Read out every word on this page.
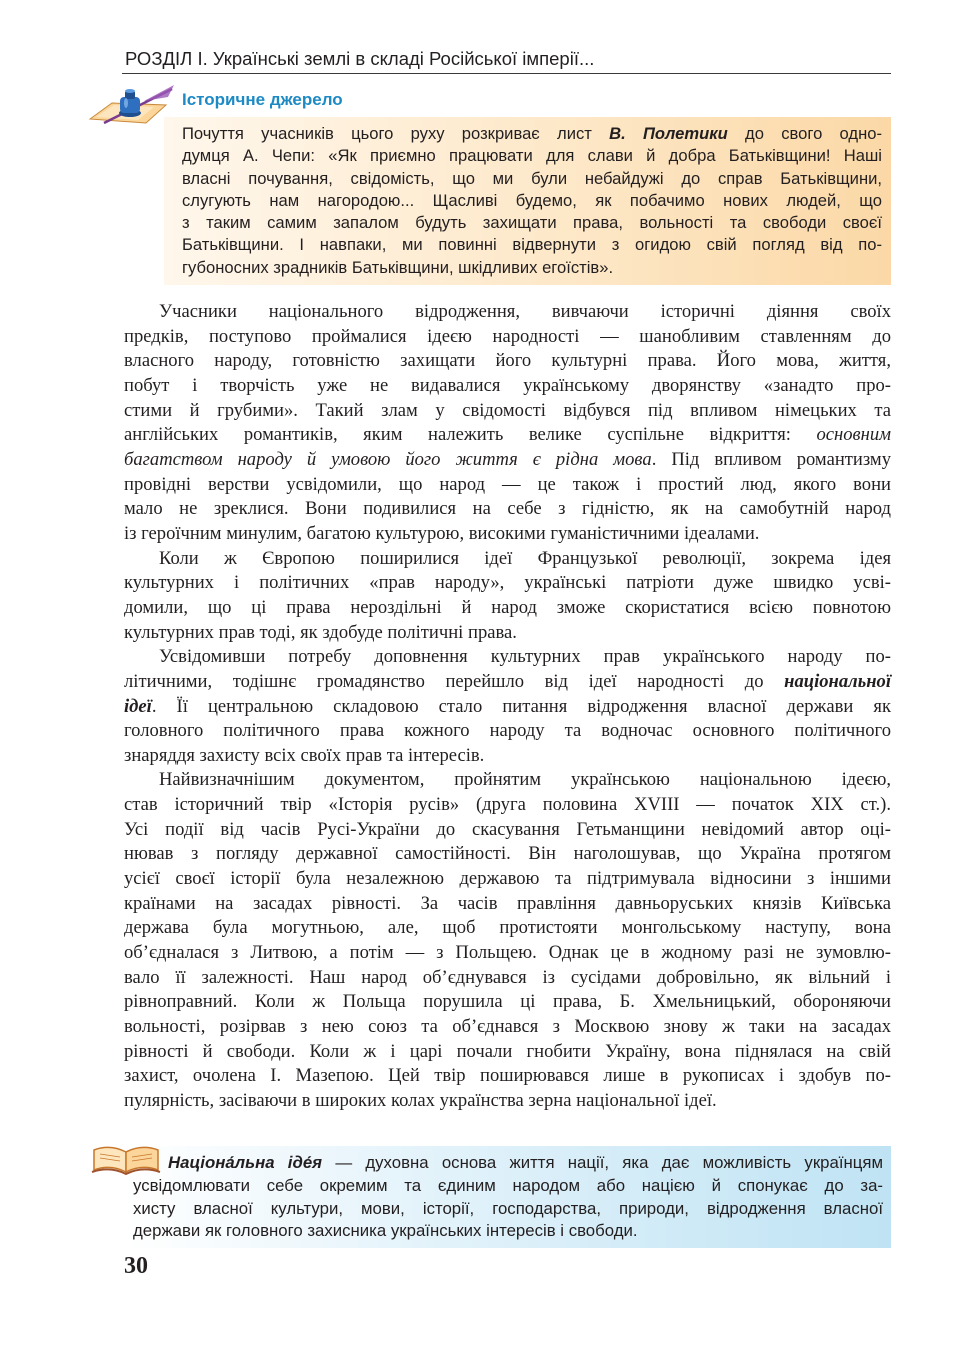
РОЗДІЛ І. Українські землі в складі Російської імперії...
Історичне джерело
Почуття учасників цього руху розкриває лист В. Полетики до свого одно-
думця А. Чепи: «Як приємно працювати для слави й добра Батьківщини! Наші
власні почування, свідомість, що ми були небайдужі до справ Батьківщини,
слугують нам нагородою... Щасливі будемо, як побачимо нових людей, що
з таким самим запалом будуть захищати права, вольності та свободи своєї
Батьківщини. І навпаки, ми повинні відвернути з огидою свій погляд від по-
губоносних зрадників Батьківщини, шкідливих егоїстів».
Учасники національного відродження, вивчаючи історичні діяння своїх
предків, поступово проймалися ідеєю народності — шанобливим ставленням до
власного народу, готовністю захищати його культурні права. Його мова, життя,
побут і творчість уже не видавалися українському дворянству «занадто про-
стими й грубими». Такий злам у свідомості відбувся під впливом німецьких та
англійських романтиків, яким належить велике суспільне відкриття: основним
багатством народу й умовою його життя є рідна мова. Під впливом романтизму
провідні верстви усвідомили, що народ — це також і простий люд, якого вони
мало не зреклися. Вони подивилися на себе з гідністю, як на самобутній народ
із героїчним минулим, багатою культурою, високими гуманістичними ідеалами.
Коли ж Європою поширилися ідеї Французької революції, зокрема ідея
культурних і політичних «прав народу», українські патріоти дуже швидко усві-
домили, що ці права нероздільні й народ зможе скористатися всією повнотою
культурних прав тоді, як здобуде політичні права.
Усвідомивши потребу доповнення культурних прав українського народу по-
літичними, тодішнє громадянство перейшло від ідеї народності до національної
ідеї. Її центральною складовою стало питання відродження власної держави як
головного політичного права кожного народу та водночас основного політичного
знаряддя захисту всіх своїх прав та інтересів.
Найвизначнішим документом, пройнятим українською національною ідеєю,
став історичний твір «Історія русів» (друга половина XVIII — початок XIX ст.).
Усі події від часів Русі-України до скасування Гетьманщини невідомий автор оці-
нював з погляду державної самостійності. Він наголошував, що Україна протягом
усієї своєї історії була незалежною державою та підтримувала відносини з іншими
країнами на засадах рівності. За часів правління давньоруських князів Київська
держава була могутньою, але, щоб протистояти монгольському наступу, вона
об’єдналася з Литвою, а потім — з Польщею. Однак це в жодному разі не зумовлю-
вало її залежності. Наш народ об’єднувався із сусідами добровільно, як вільний і
рівноправний. Коли ж Польща порушила ці права, Б. Хмельницький, обороняючи
вольності, розірвав з нею союз та об’єднався з Москвою знову ж таки на засадах
рівності й свободи. Коли ж і царі почали гнобити Україну, вона піднялася на свій
захист, очолена І. Мазепою. Цей твір поширювався лише в рукописах і здобув по-
пулярність, засіваючи в широких колах українства зерна національної ідеї.
Націона́льна іде́я — духовна основа життя нації, яка дає можливість українцям
усвідомлювати себе окремим та єдиним народом або нацією й спонукає до за-
хисту власної культури, мови, історії, господарства, природи, відродження власної
держави як головного захисника українських інтересів і свободи.
30
